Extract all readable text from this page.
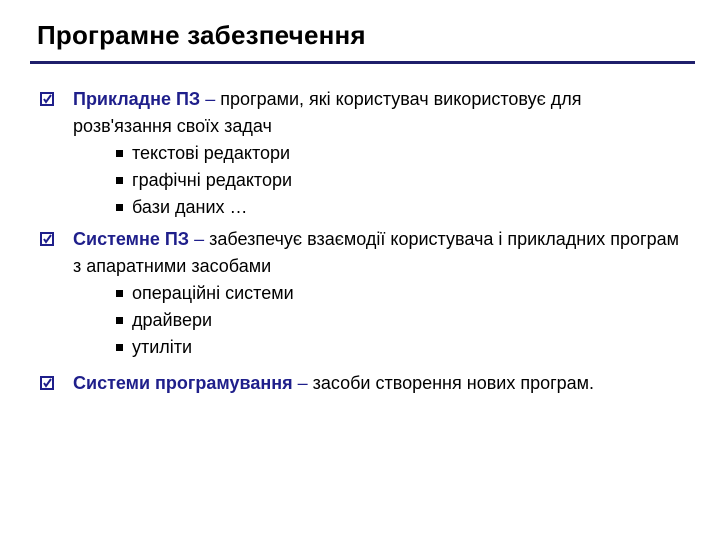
Програмне забезпечення
Прикладне ПЗ – програми, які користувач використовує для розв'язання своїх задач
текстові редактори
графічні редактори
бази даних …
Системне ПЗ – забезпечує взаємодії користувача і прикладних програм з апаратними засобами
операційні системи
драйвери
утиліти
Системи програмування – засоби створення нових програм.
